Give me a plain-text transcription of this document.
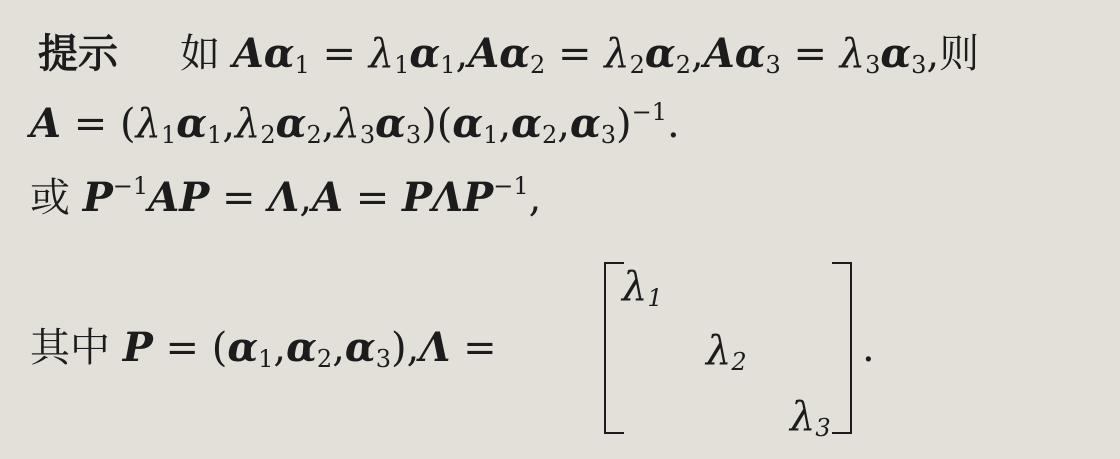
提示 如 $A\alpha_1 = \lambda_1\alpha_1,A\alpha_2 = \lambda_2\alpha_2,A\alpha_3 = \lambda_3\alpha_3$,则
$A = (\lambda_1\alpha_1,\lambda_2\alpha_2,\lambda_3\alpha_3)(\alpha_1,\alpha_2,\alpha_3)^{-1}$.
或 $P^{-1}AP = \Lambda,A = P\Lambda P^{-1}$,
其中 $P = (\alpha_1,\alpha_2,\alpha_3),\Lambda$ =
$\lambda_1$
$\lambda_2$
$\lambda_3$
.
